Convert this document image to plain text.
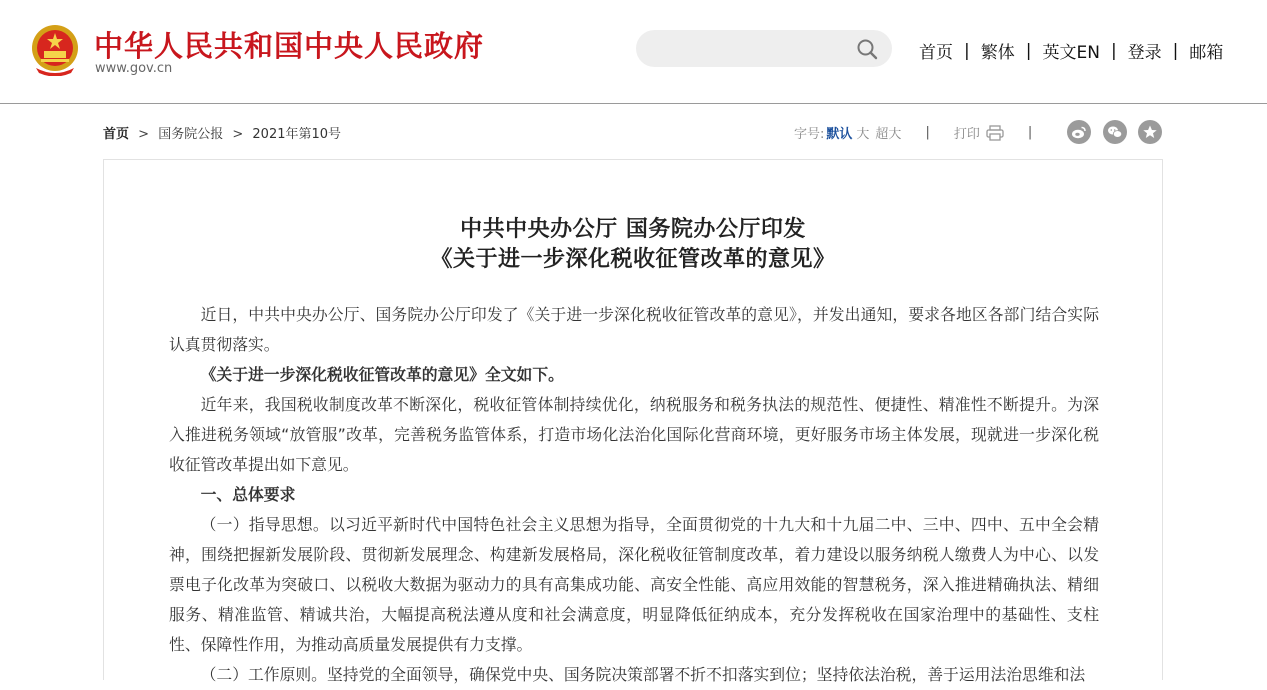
中华人民共和国中央人民政府
www.gov.cn
首页 | 繁体 | 英文EN | 登录 | 邮箱
首页 > 国务院公报 > 2021年第10号	字号: 默认 大 超大 | 打印	|
中共中央办公厅 国务院办公厅印发
《关于进一步深化税收征管改革的意见》

近日，中共中央办公厅、国务院办公厅印发了《关于进一步深化税收征管改革的意见》，并发出通知，要求各地区各部门结合实际认真贯彻落实。

《关于进一步深化税收征管改革的意见》全文如下。

近年来，我国税收制度改革不断深化，税收征管体制持续优化，纳税服务和税务执法的规范性、便捷性、精准性不断提升。为深入推进税务领域“放管服”改革，完善税务监管体系，打造市场化法治化国际化营商环境，更好服务市场主体发展，现就进一步深化税收征管改革提出如下意见。

一、总体要求

（一）指导思想。以习近平新时代中国特色社会主义思想为指导，全面贯彻党的十九大和十九届二中、三中、四中、五中全会精神，围绕把握新发展阶段、贯彻新发展理念、构建新发展格局，深化税收征管制度改革，着力建设以服务纳税人缴费人为中心、以发票电子化改革为突破口、以税收大数据为驱动力的具有高集成功能、高安全性能、高应用效能的智慧税务，深入推进精确执法、精细服务、精准监管、精诚共治，大幅提高税法遵从度和社会满意度，明显降低征纳成本，充分发挥税收在国家治理中的基础性、支柱性、保障性作用，为推动高质量发展提供有力支撑。

（二）工作原则。坚持党的全面领导，确保党中央、国务院决策部署不折不扣落实到位；坚持依法治税，善于运用法治思维和法
